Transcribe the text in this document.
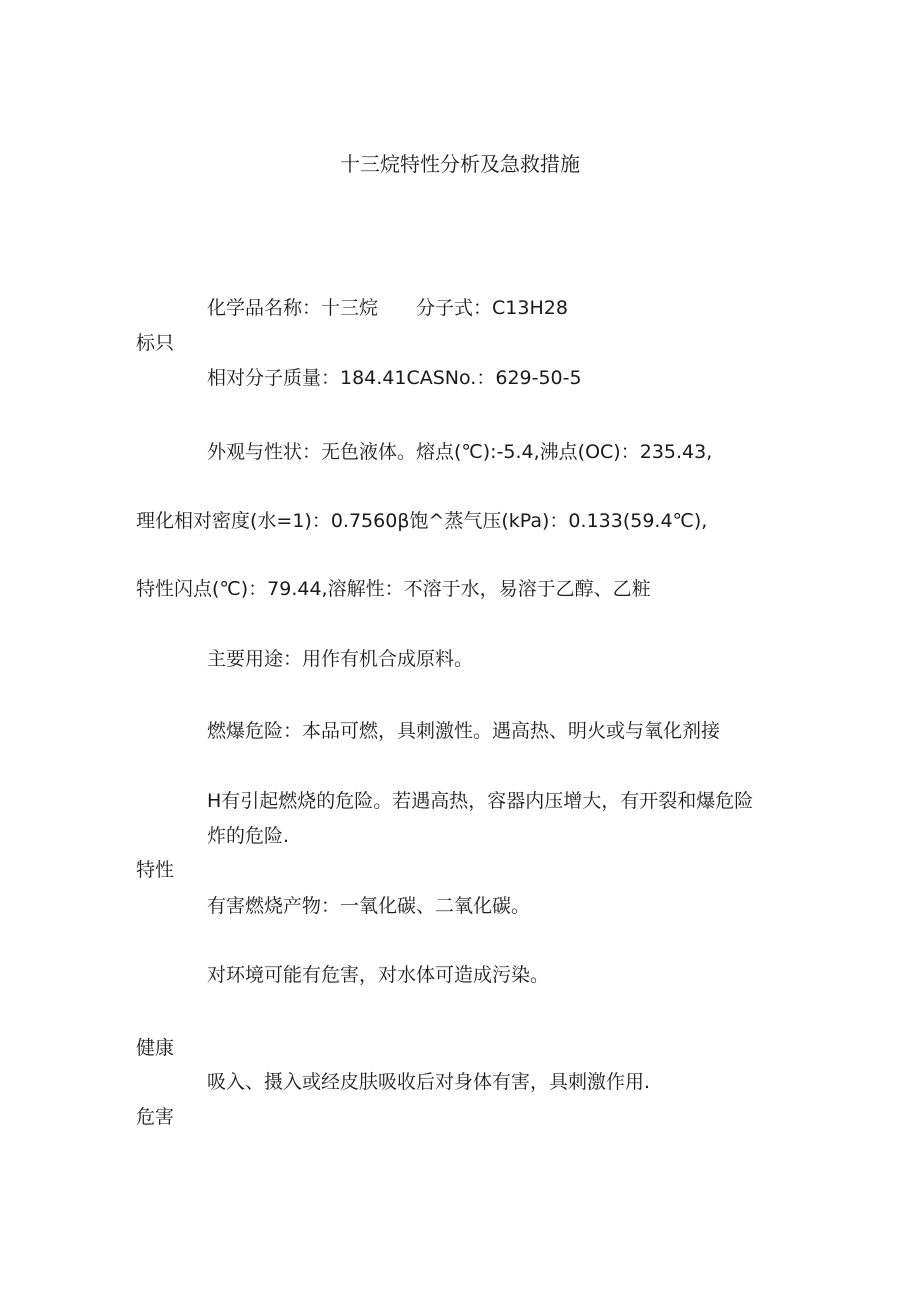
十三烷特性分析及急救措施
化学品名称：十三烷　　分子式：C13H28
标只
相对分子质量：184.41CASNo.：629-50-5
外观与性状：无色液体。熔点(℃):-5.4,沸点(OC)：235.43,
理化 相对密度(水=1)：0.7560β饱^蒸气压(kPa)：0.133(59.4℃),
特性 闪点(℃)：79.44,溶解性：不溶于水，易溶于乙醇、乙粧
主要用途：用作有机合成原料。
燃爆危险：本品可燃，具刺激性。遇高热、明火或与氧化剂接
H有引起燃烧的危险。若遇高热，容器内压增大，有开裂和爆危险
炸的危险.
特性
有害燃烧产物：一氧化碳、二氧化碳。
对环境可能有危害，对水体可造成污染。
健康
吸入、摄入或经皮肤吸收后对身体有害，具刺激作用.
危害
